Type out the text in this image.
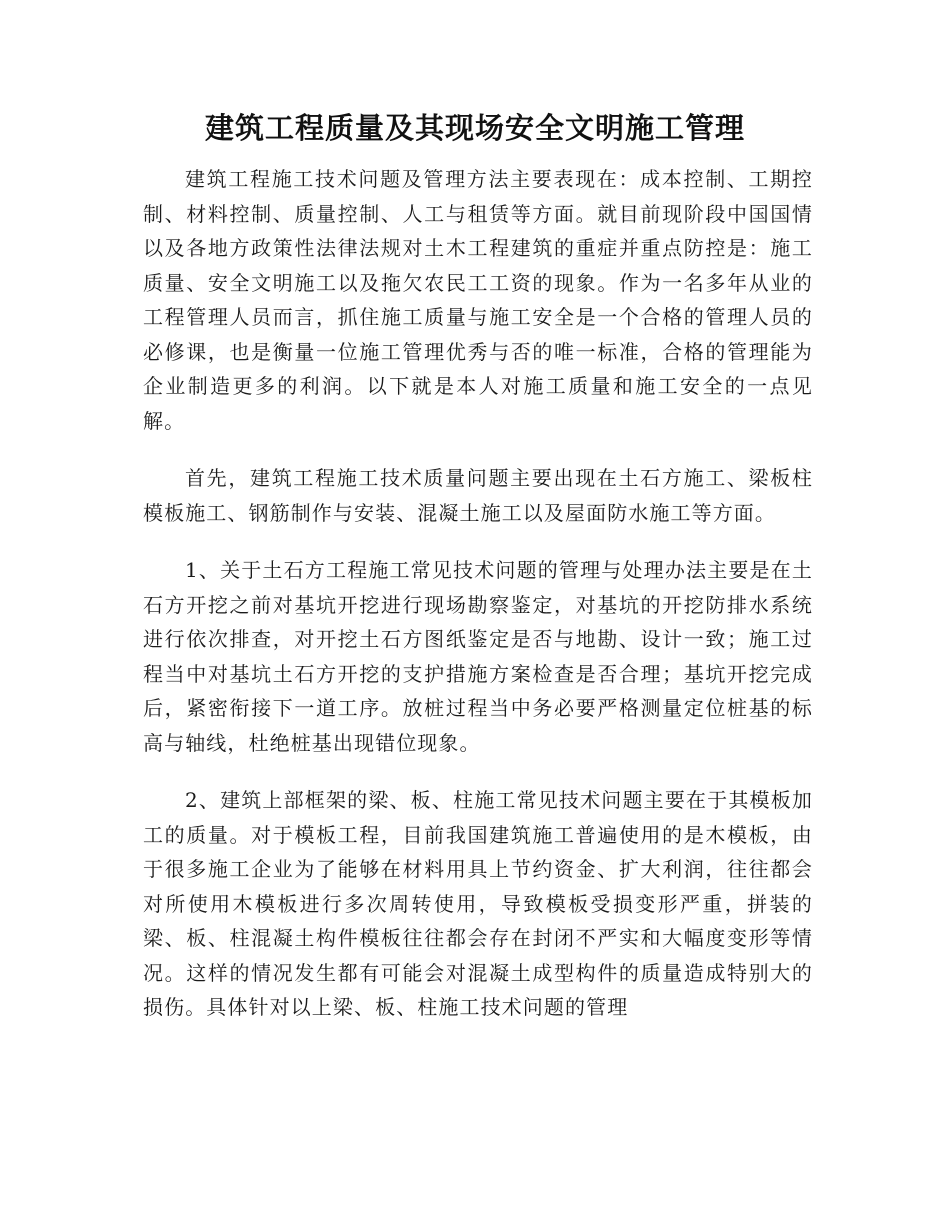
建筑工程质量及其现场安全文明施工管理

建筑工程施工技术问题及管理方法主要表现在：成本控制、工期控制、材料控制、质量控制、人工与租赁等方面。就目前现阶段中国国情以及各地方政策性法律法规对土木工程建筑的重症并重点防控是：施工质量、安全文明施工以及拖欠农民工工资的现象。作为一名多年从业的工程管理人员而言，抓住施工质量与施工安全是一个合格的管理人员的必修课，也是衡量一位施工管理优秀与否的唯一标准，合格的管理能为企业制造更多的利润。以下就是本人对施工质量和施工安全的一点见解。

首先，建筑工程施工技术质量问题主要出现在土石方施工、梁板柱模板施工、钢筋制作与安装、混凝土施工以及屋面防水施工等方面。

1、关于土石方工程施工常见技术问题的管理与处理办法主要是在土石方开挖之前对基坑开挖进行现场勘察鉴定，对基坑的开挖防排水系统进行依次排查，对开挖土石方图纸鉴定是否与地勘、设计一致；施工过程当中对基坑土石方开挖的支护措施方案检查是否合理；基坑开挖完成后，紧密衔接下一道工序。放桩过程当中务必要严格测量定位桩基的标高与轴线，杜绝桩基出现错位现象。

2、建筑上部框架的梁、板、柱施工常见技术问题主要在于其模板加工的质量。对于模板工程，目前我国建筑施工普遍使用的是木模板，由于很多施工企业为了能够在材料用具上节约资金、扩大利润，往往都会对所使用木模板进行多次周转使用，导致模板受损变形严重，拼装的梁、板、柱混凝土构件模板往往都会存在封闭不严实和大幅度变形等情况。这样的情况发生都有可能会对混凝土成型构件的质量造成特别大的损伤。具体针对以上梁、板、柱施工技术问题的管理
